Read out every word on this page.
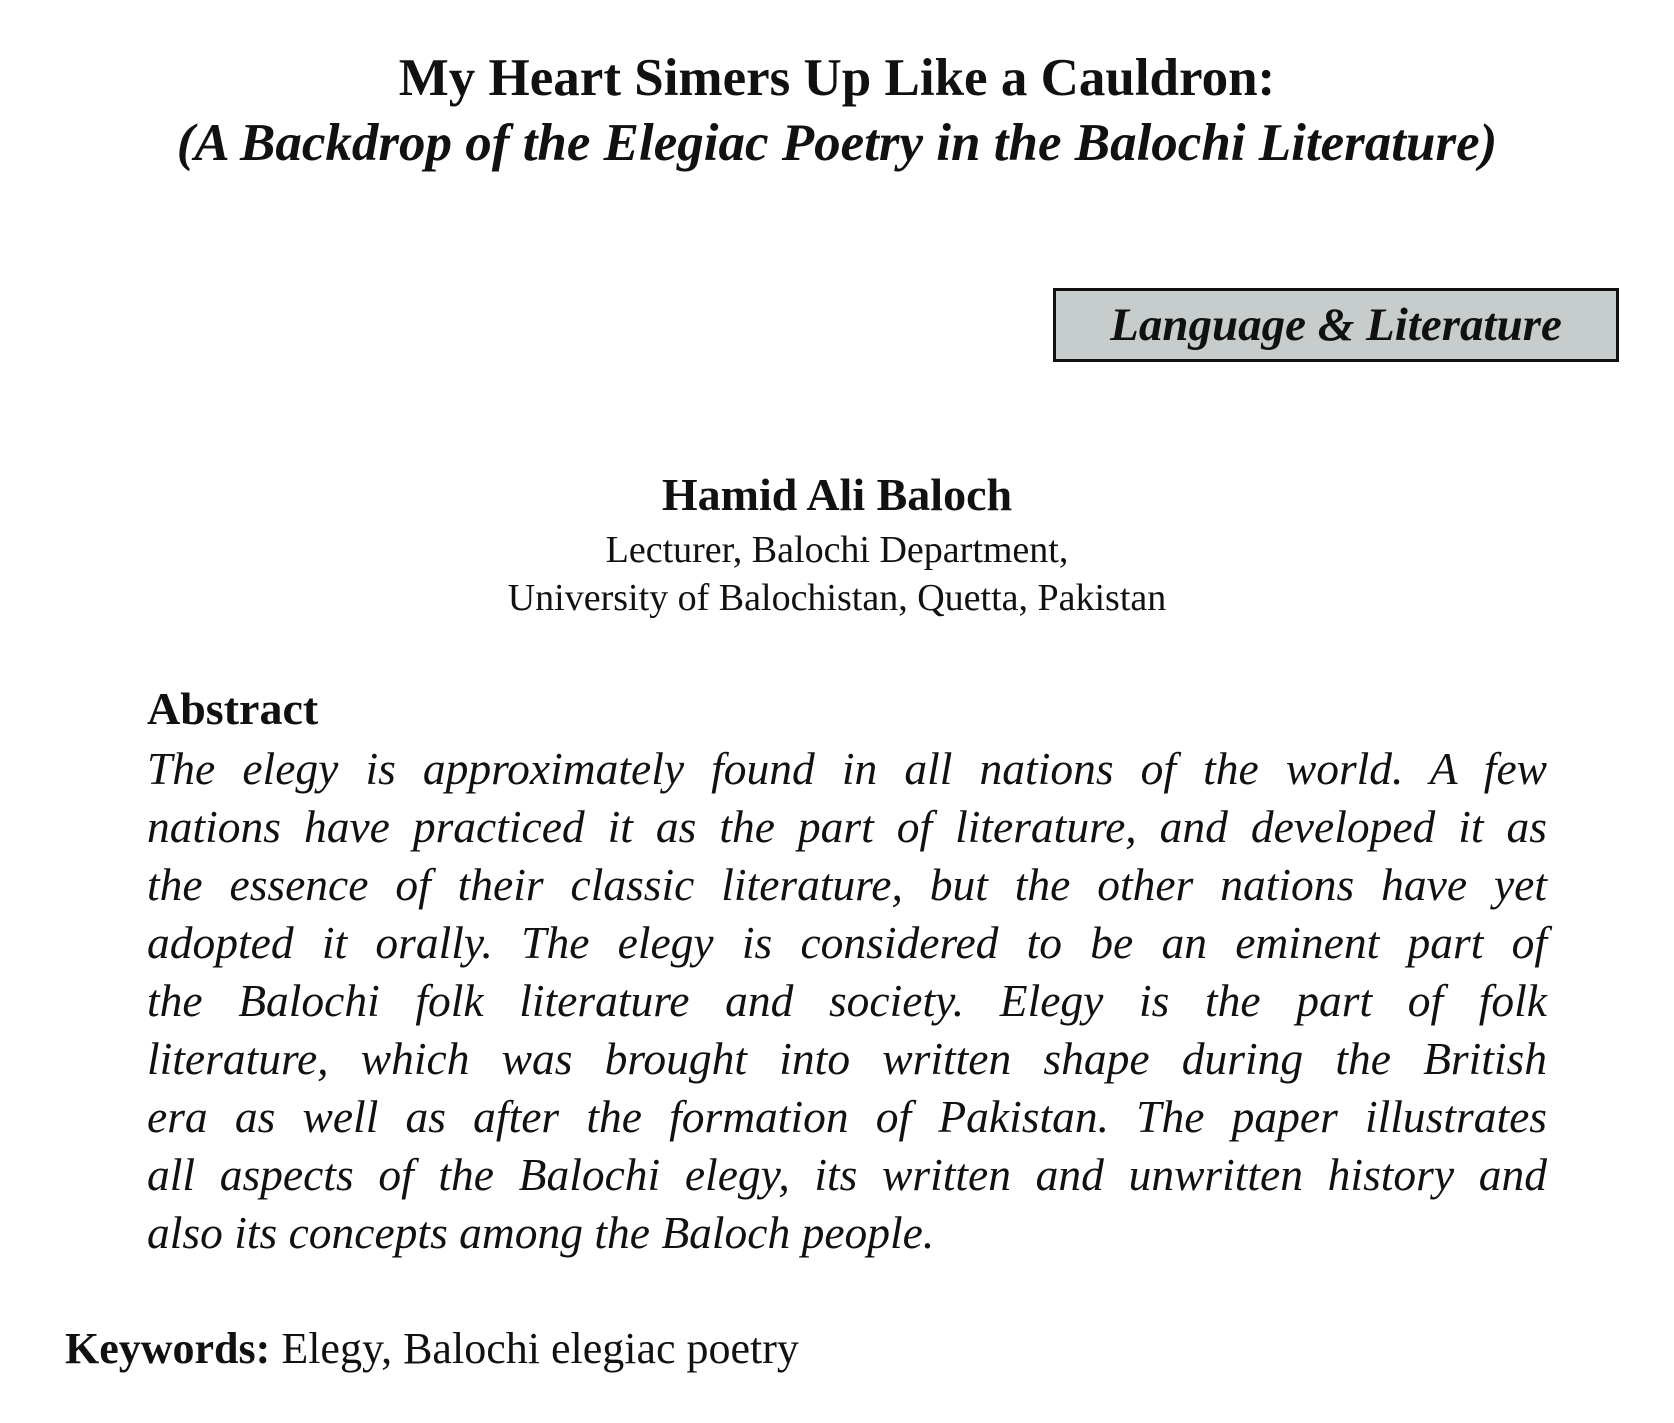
My Heart Simers Up Like a Cauldron:
(A Backdrop of the Elegiac Poetry in the Balochi Literature)
Language & Literature
Hamid Ali Baloch
Lecturer, Balochi Department,
University of Balochistan, Quetta, Pakistan
Abstract
The elegy is approximately found in all nations of the world. A few
nations have practiced it as the part of literature, and developed it as
the essence of their classic literature, but the other nations have yet
adopted it orally. The elegy is considered to be an eminent part of
the Balochi folk literature and society. Elegy is the part of folk
literature, which was brought into written shape during the British
era as well as after the formation of Pakistan. The paper illustrates
all aspects of the Balochi elegy, its written and unwritten history and
also its concepts among the Baloch people.
Keywords: Elegy, Balochi elegiac poetry
